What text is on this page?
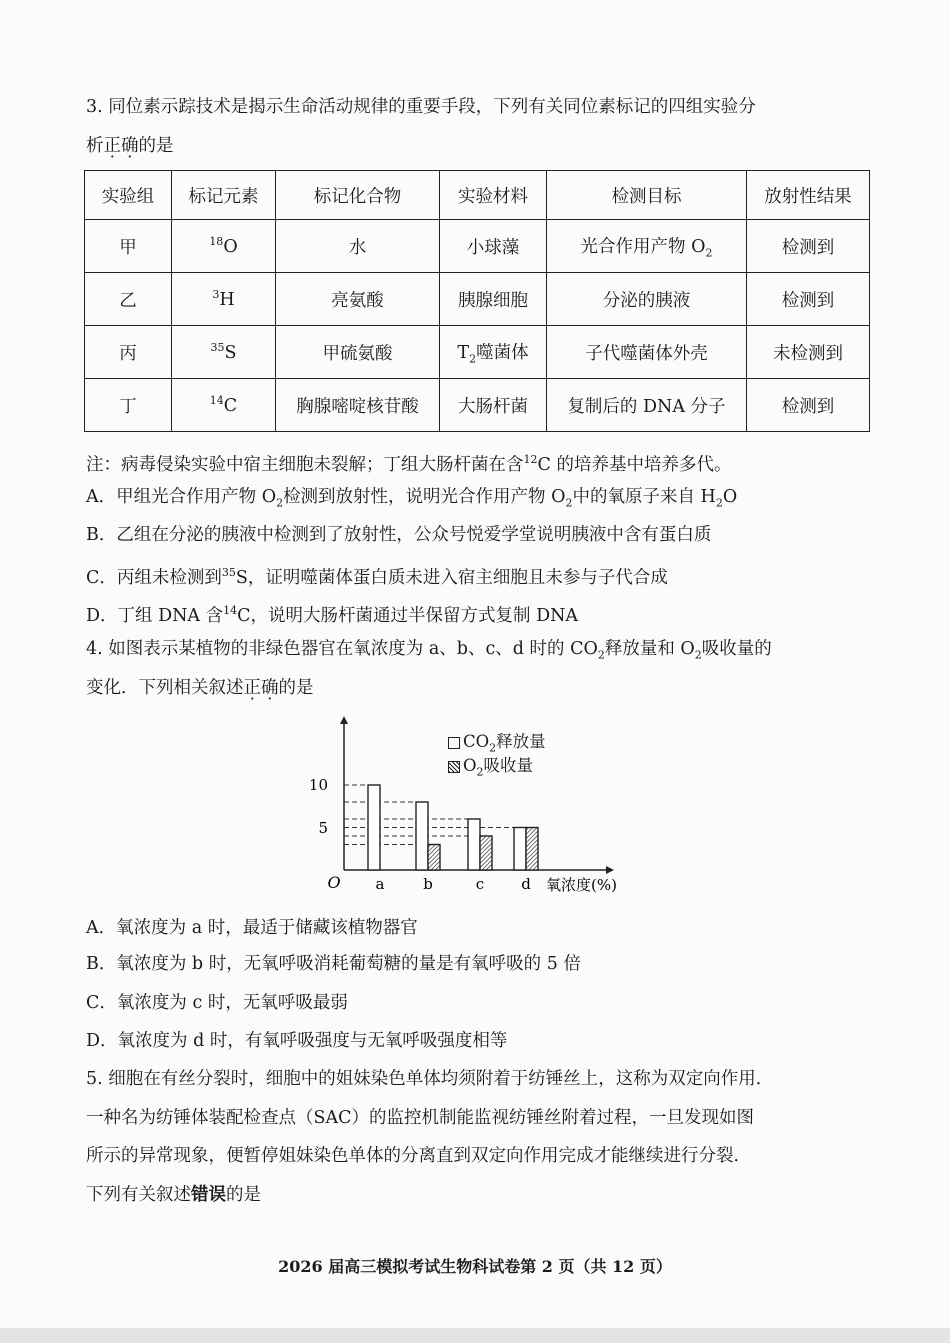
3. 同位素示踪技术是揭示生命活动规律的重要手段，下列有关同位素标记的四组实验分
析正确的是
实验组	标记元素	标记化合物	实验材料	检测目标	放射性结果
甲	$^{18}$O	水	小球藻	光合作用产物 $O_2$	检测到
乙	$^3$H	亮氨酸	胰腺细胞	分泌的胰液	检测到
丙	$^{35}$S	甲硫氨酸	$T_2$噬菌体	子代噬菌体外壳	未检测到
丁	$^{14}$C	胸腺嘧啶核苷酸	大肠杆菌	复制后的 DNA 分子	检测到
注：病毒侵染实验中宿主细胞未裂解；丁组大肠杆菌在含$^{12}$C 的培养基中培养多代。
A．甲组光合作用产物 $O_2$检测到放射性，说明光合作用产物 $O_2$中的氧原子来自 $H_2O$
B．乙组在分泌的胰液中检测到了放射性，公众号悦爱学堂说明胰液中含有蛋白质
C．丙组未检测到$^{35}$S，证明噬菌体蛋白质未进入宿主细胞且未参与子代合成
D．丁组 DNA 含$^{14}$C，说明大肠杆菌通过半保留方式复制 DNA
4. 如图表示某植物的非绿色器官在氧浓度为 a、b、c、d 时的 $CO_2$释放量和 $O_2$吸收量的
变化．下列相关叙述正确的是
10
5
O a	b	c d 氧浓度(%)
$CO_2$释放量
$O_2$吸收量
A．氧浓度为 a 时，最适于储藏该植物器官
B．氧浓度为 b 时，无氧呼吸消耗葡萄糖的量是有氧呼吸的 5 倍
C．氧浓度为 c 时，无氧呼吸最弱
D．氧浓度为 d 时，有氧呼吸强度与无氧呼吸强度相等
5. 细胞在有丝分裂时，细胞中的姐妹染色单体均须附着于纺锤丝上，这称为双定向作用．
一种名为纺锤体装配检查点（SAC）的监控机制能监视纺锤丝附着过程，一旦发现如图
所示的异常现象，便暂停姐妹染色单体的分离直到双定向作用完成才能继续进行分裂．
下列有关叙述错误的是
2026 届高三模拟考试生物科试卷第 2 页（共 12 页）
